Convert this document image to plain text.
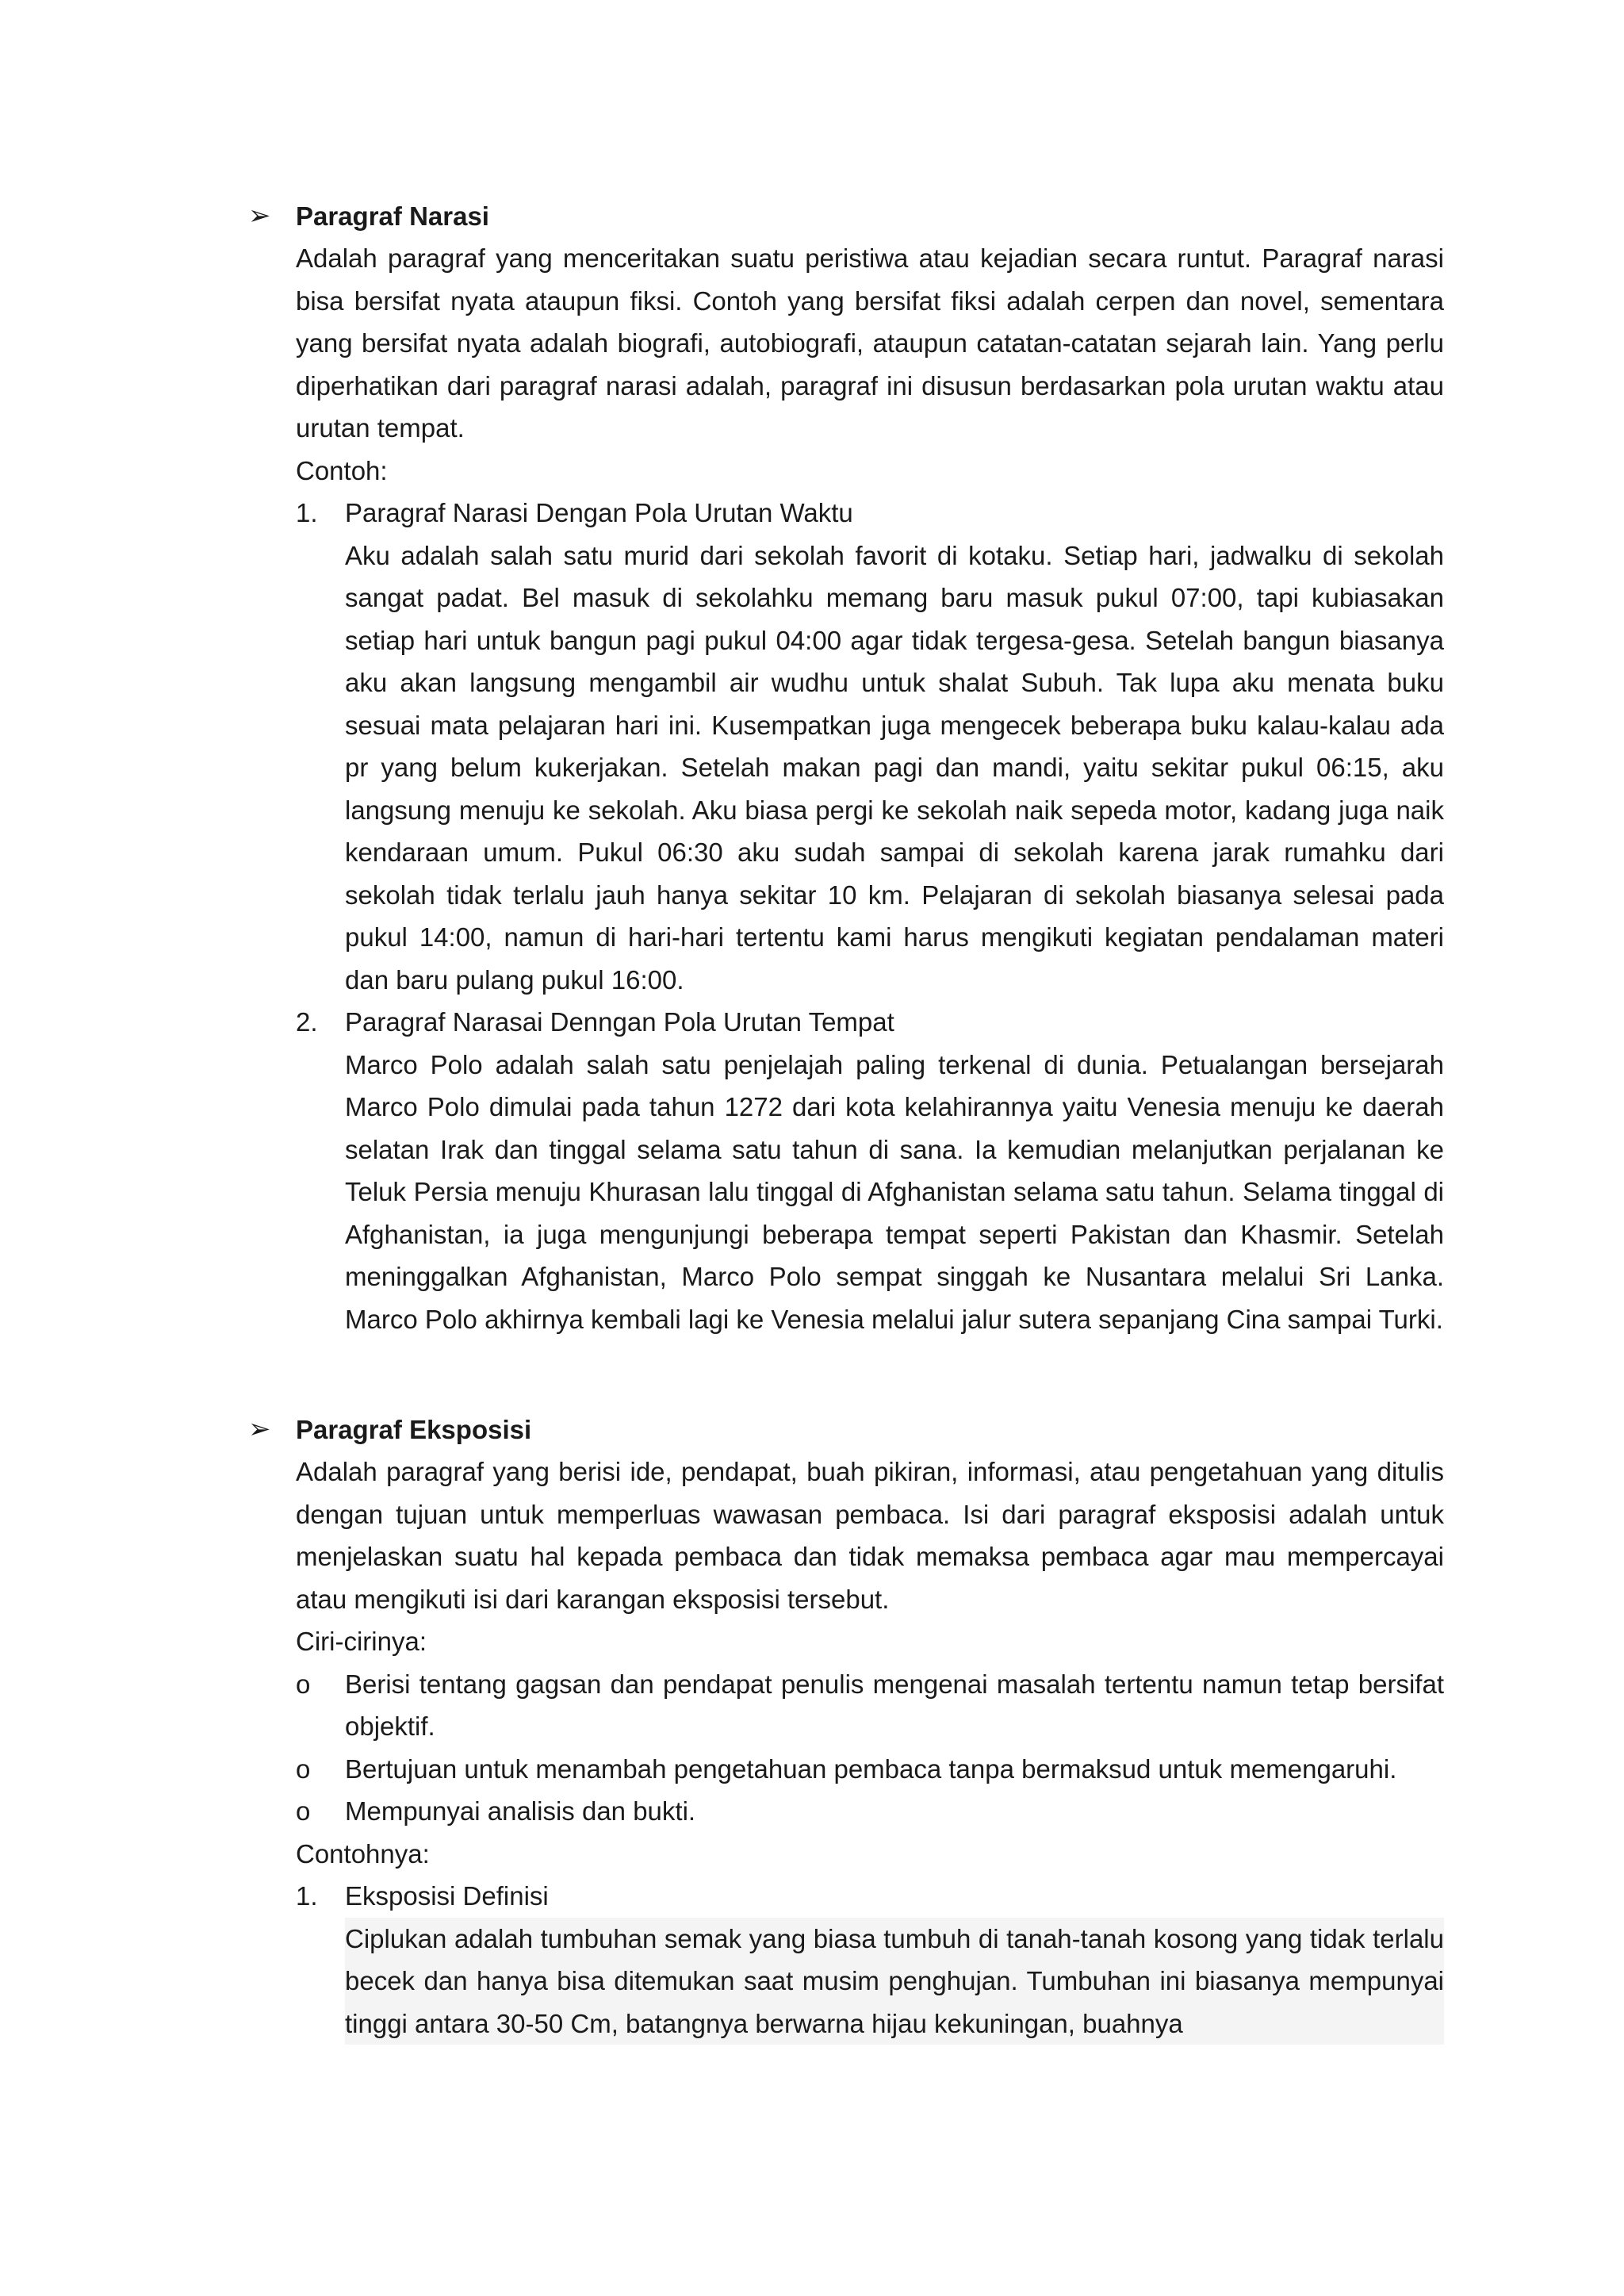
➢ Paragraf Narasi

Adalah paragraf yang menceritakan suatu peristiwa atau kejadian secara runtut. Paragraf narasi bisa bersifat nyata ataupun fiksi. Contoh yang bersifat fiksi adalah cerpen dan novel, sementara yang bersifat nyata adalah biografi, autobiografi, ataupun catatan-catatan sejarah lain. Yang perlu diperhatikan dari paragraf narasi adalah, paragraf ini disusun berdasarkan pola urutan waktu atau urutan tempat.

Contoh:

1.	Paragraf Narasi Dengan Pola Urutan Waktu

Aku adalah salah satu murid dari sekolah favorit di kotaku. Setiap hari, jadwalku di sekolah sangat padat. Bel masuk di sekolahku memang baru masuk pukul 07:00, tapi kubiasakan setiap hari untuk bangun pagi pukul 04:00 agar tidak tergesa-gesa. Setelah bangun biasanya aku akan langsung mengambil air wudhu untuk shalat Subuh. Tak lupa aku menata buku sesuai mata pelajaran hari ini. Kusempatkan juga mengecek beberapa buku kalau-kalau ada pr yang belum kukerjakan. Setelah makan pagi dan mandi, yaitu sekitar pukul 06:15, aku langsung menuju ke sekolah. Aku biasa pergi ke sekolah naik sepeda motor, kadang juga naik kendaraan umum. Pukul 06:30 aku sudah sampai di sekolah karena jarak rumahku dari sekolah tidak terlalu jauh hanya sekitar 10 km. Pelajaran di sekolah biasanya selesai pada pukul 14:00, namun di hari-hari tertentu kami harus mengikuti kegiatan pendalaman materi dan baru pulang pukul 16:00.

2.	Paragraf Narasai Denngan Pola Urutan Tempat

Marco Polo adalah salah satu penjelajah paling terkenal di dunia. Petualangan bersejarah Marco Polo dimulai pada tahun 1272 dari kota kelahirannya yaitu Venesia menuju ke daerah selatan Irak dan tinggal selama satu tahun di sana. Ia kemudian melanjutkan perjalanan ke Teluk Persia menuju Khurasan lalu tinggal di Afghanistan selama satu tahun. Selama tinggal di Afghanistan, ia juga mengunjungi beberapa tempat seperti Pakistan dan Khasmir. Setelah meninggalkan Afghanistan, Marco Polo sempat singgah ke Nusantara melalui Sri Lanka. Marco Polo akhirnya kembali lagi ke Venesia melalui jalur sutera sepanjang Cina sampai Turki.

➢ Paragraf Eksposisi

Adalah paragraf yang berisi ide, pendapat, buah pikiran, informasi, atau pengetahuan yang ditulis dengan tujuan untuk memperluas wawasan pembaca. Isi dari paragraf eksposisi adalah untuk menjelaskan suatu hal kepada pembaca dan tidak memaksa pembaca agar mau mempercayai atau mengikuti isi dari karangan eksposisi tersebut.

Ciri-cirinya:

o	Berisi tentang gagsan dan pendapat penulis mengenai masalah tertentu namun tetap bersifat objektif.

o	Bertujuan untuk menambah pengetahuan pembaca tanpa bermaksud untuk memengaruhi.

o	Mempunyai analisis dan bukti.

Contohnya:

1.	Eksposisi Definisi

Ciplukan adalah tumbuhan semak yang biasa tumbuh di tanah-tanah kosong yang tidak terlalu becek dan hanya bisa ditemukan saat musim penghujan. Tumbuhan ini biasanya mempunyai tinggi antara 30-50 Cm, batangnya berwarna hijau kekuningan, buahnya
